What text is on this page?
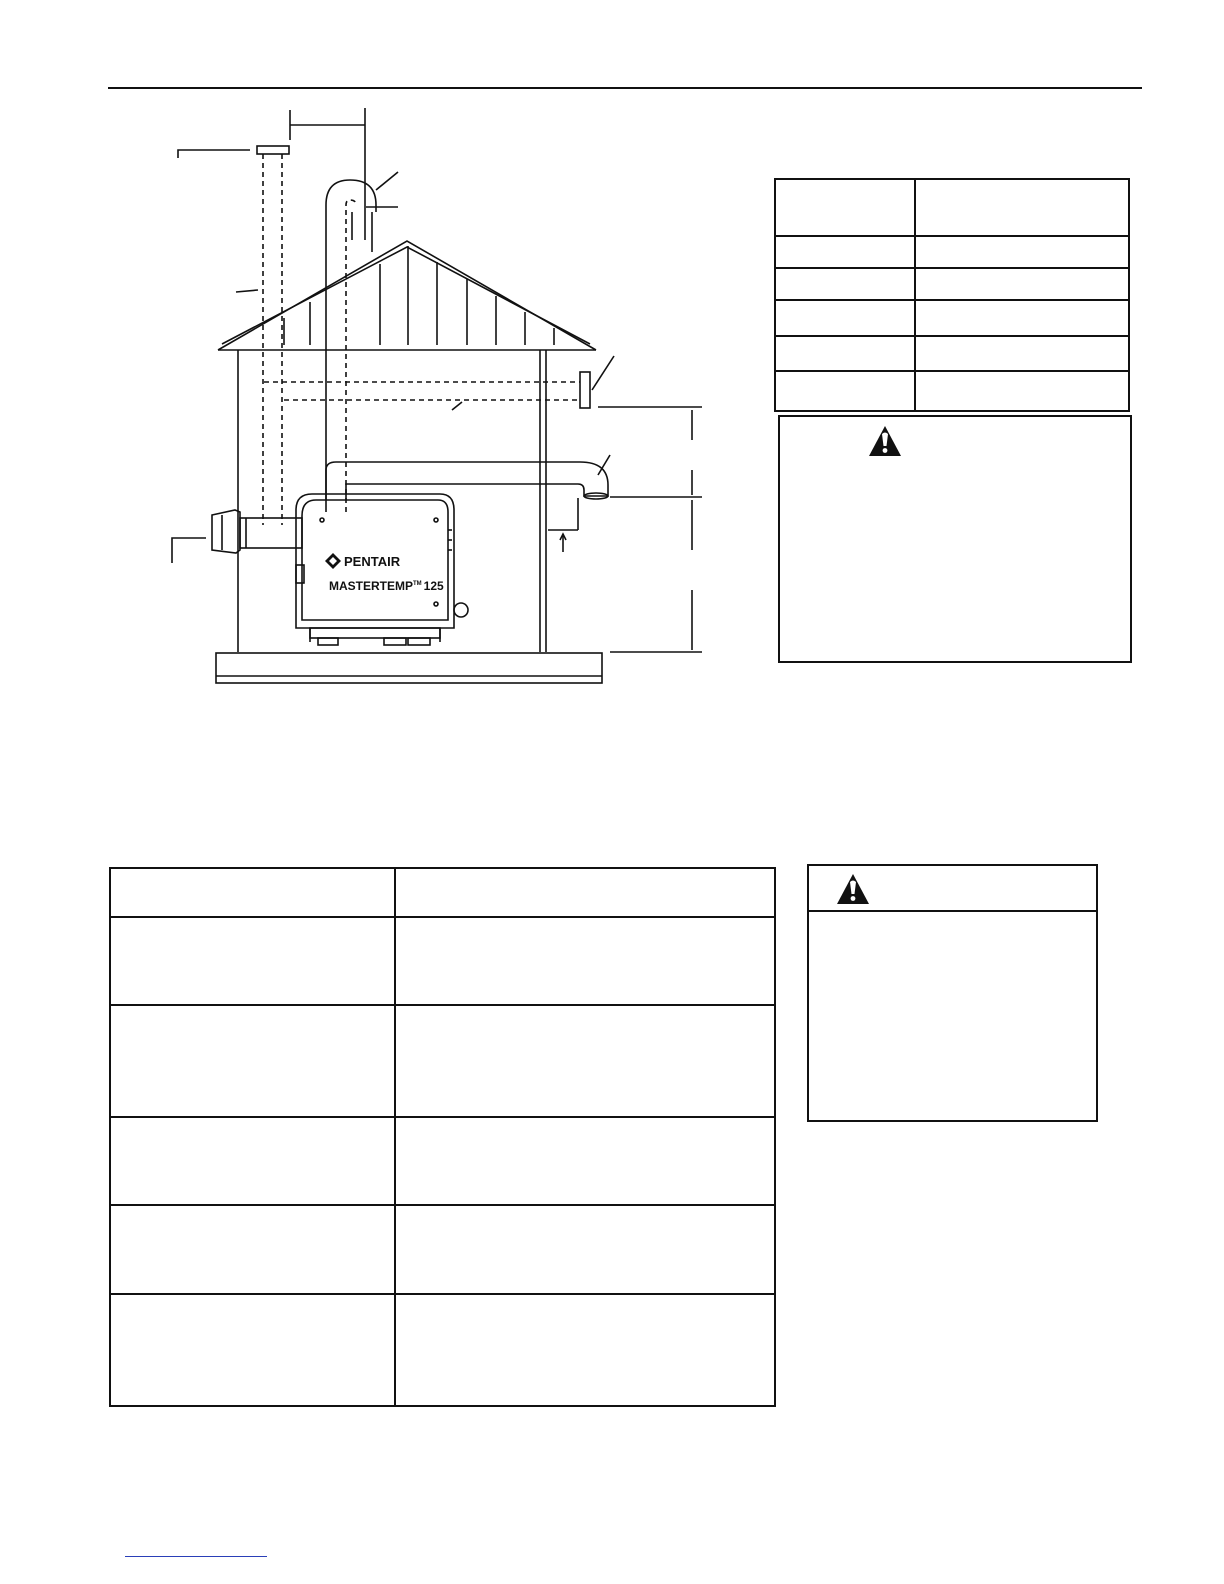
PENTAIR
MASTERTEMP™ 125
